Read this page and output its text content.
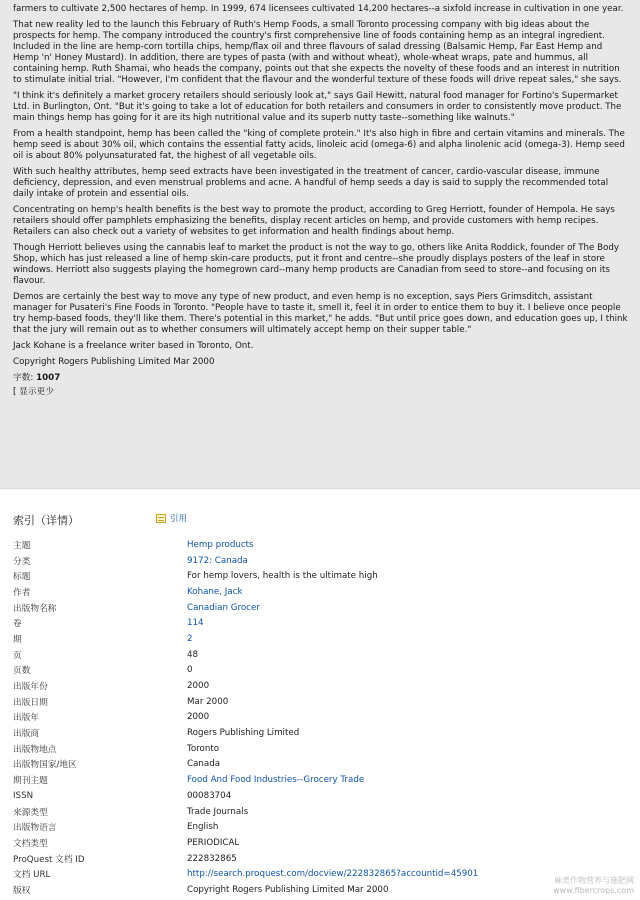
farmers to cultivate 2,500 hectares of hemp. In 1999, 674 licensees cultivated 14,200 hectares--a sixfold increase in cultivation in one year.

That new reality led to the launch this February of Ruth's Hemp Foods, a small Toronto processing company with big ideas about the prospects for hemp. The company introduced the country's first comprehensive line of foods containing hemp as an integral ingredient. Included in the line are hemp-corn tortilla chips, hemp/flax oil and three flavours of salad dressing (Balsamic Hemp, Far East Hemp and Hemp 'n' Honey Mustard). In addition, there are types of pasta (with and without wheat), whole-wheat wraps, pate and hummus, all containing hemp. Ruth Shamai, who heads the company, points out that she expects the novelty of these foods and an interest in nutrition to stimulate initial trial. "However, I'm confident that the flavour and the wonderful texture of these foods will drive repeat sales," she says.

"I think it's definitely a market grocery retailers should seriously look at," says Gail Hewitt, natural food manager for Fortino's Supermarket Ltd. in Burlington, Ont. "But it's going to take a lot of education for both retailers and consumers in order to consistently move product. The main things hemp has going for it are its high nutritional value and its superb nutty taste--something like walnuts."

From a health standpoint, hemp has been called the "king of complete protein." It's also high in fibre and certain vitamins and minerals. The hemp seed is about 30% oil, which contains the essential fatty acids, linoleic acid (omega-6) and alpha linolenic acid (omega-3). Hemp seed oil is about 80% polyunsaturated fat, the highest of all vegetable oils.

With such healthy attributes, hemp seed extracts have been investigated in the treatment of cancer, cardio-vascular disease, immune deficiency, depression, and even menstrual problems and acne. A handful of hemp seeds a day is said to supply the recommended total daily intake of protein and essential oils.

Concentrating on hemp's health benefits is the best way to promote the product, according to Greg Herriott, founder of Hempola. He says retailers should offer pamphlets emphasizing the benefits, display recent articles on hemp, and provide customers with hemp recipes. Retailers can also check out a variety of websites to get information and health findings about hemp.

Though Herriott believes using the cannabis leaf to market the product is not the way to go, others like Anita Roddick, founder of The Body Shop, which has just released a line of hemp skin-care products, put it front and centre--she proudly displays posters of the leaf in store windows. Herriott also suggests playing the homegrown card--many hemp products are Canadian from seed to store--and focusing on its flavour.

Demos are certainly the best way to move any type of new product, and even hemp is no exception, says Piers Grimsditch, assistant manager for Pusateri's Fine Foods in Toronto. "People have to taste it, smell it, feel it in order to entice them to buy it. I believe once people try hemp-based foods, they'll like them. There's potential in this market," he adds. "But until price goes down, and education goes up, I think that the jury will remain out as to whether consumers will ultimately accept hemp on their supper table."

Jack Kohane is a freelance writer based in Toronto, Ont.

Copyright Rogers Publishing Limited Mar 2000

字数: 1007

[ 显示更少

索引（详情）	引用
主题	Hemp products
分类	9172: Canada
标题	For hemp lovers, health is the ultimate high
作者	Kohane, Jack
出版物名称	Canadian Grocer
卷	114
期	2
页	48
页数	0
出版年份	2000
出版日期	Mar 2000
出版年	2000
出版商	Rogers Publishing Limited
出版物地点	Toronto
出版物国家/地区	Canada
期刊主题	Food And Food Industries--Grocery Trade
ISSN	00083704
来源类型	Trade Journals
出版物语言	English
文档类型	PERIODICAL
ProQuest 文档 ID	222832865
文档 URL	http://search.proquest.com/docview/222832865?accountid=45901
版权	Copyright Rogers Publishing Limited Mar 2000
麻类作物营养与施肥网
www.fibercrops.com
